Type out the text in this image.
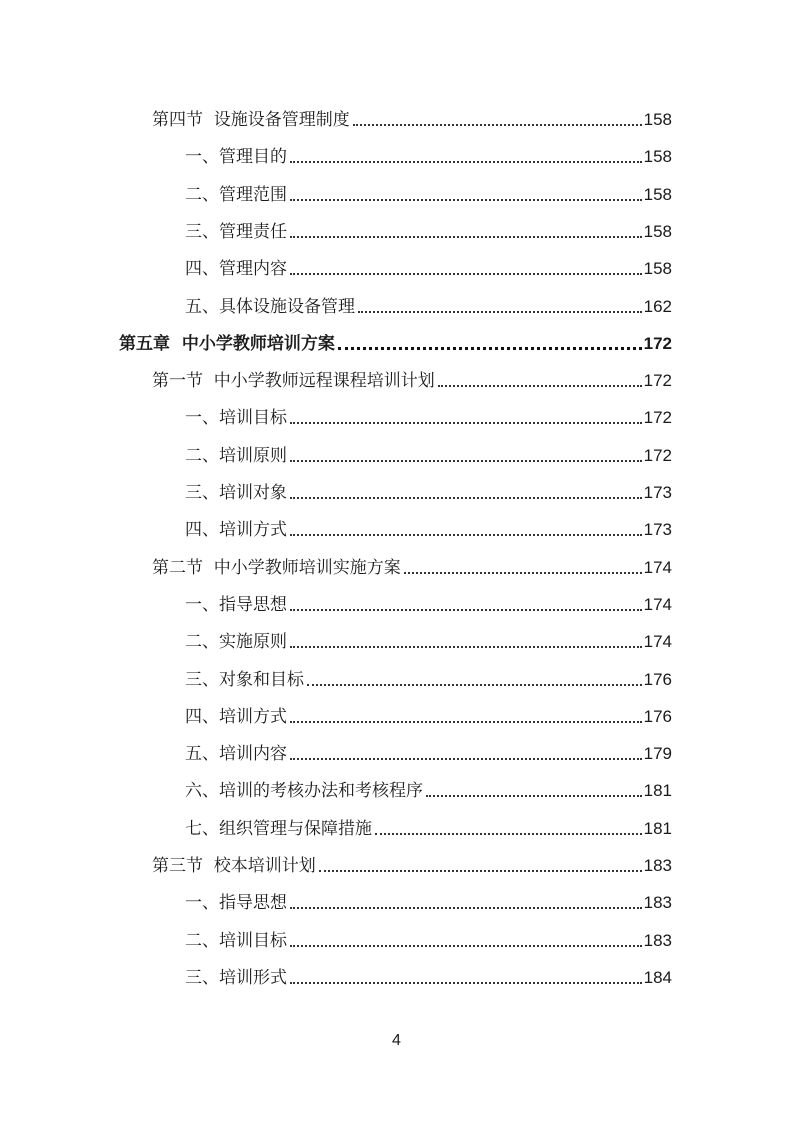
第四节  设施设备管理制度	158
一、管理目的	158
二、管理范围	158
三、管理责任	158
四、管理内容	158
五、具体设施设备管理	162
第五章  中小学教师培训方案	172
第一节  中小学教师远程课程培训计划	172
一、培训目标	172
二、培训原则	172
三、培训对象	173
四、培训方式	173
第二节  中小学教师培训实施方案	174
一、指导思想	174
二、实施原则	174
三、对象和目标	176
四、培训方式	176
五、培训内容	179
六、培训的考核办法和考核程序	181
七、组织管理与保障措施	181
第三节  校本培训计划	183
一、指导思想	183
二、培训目标	183
三、培训形式	184
4
